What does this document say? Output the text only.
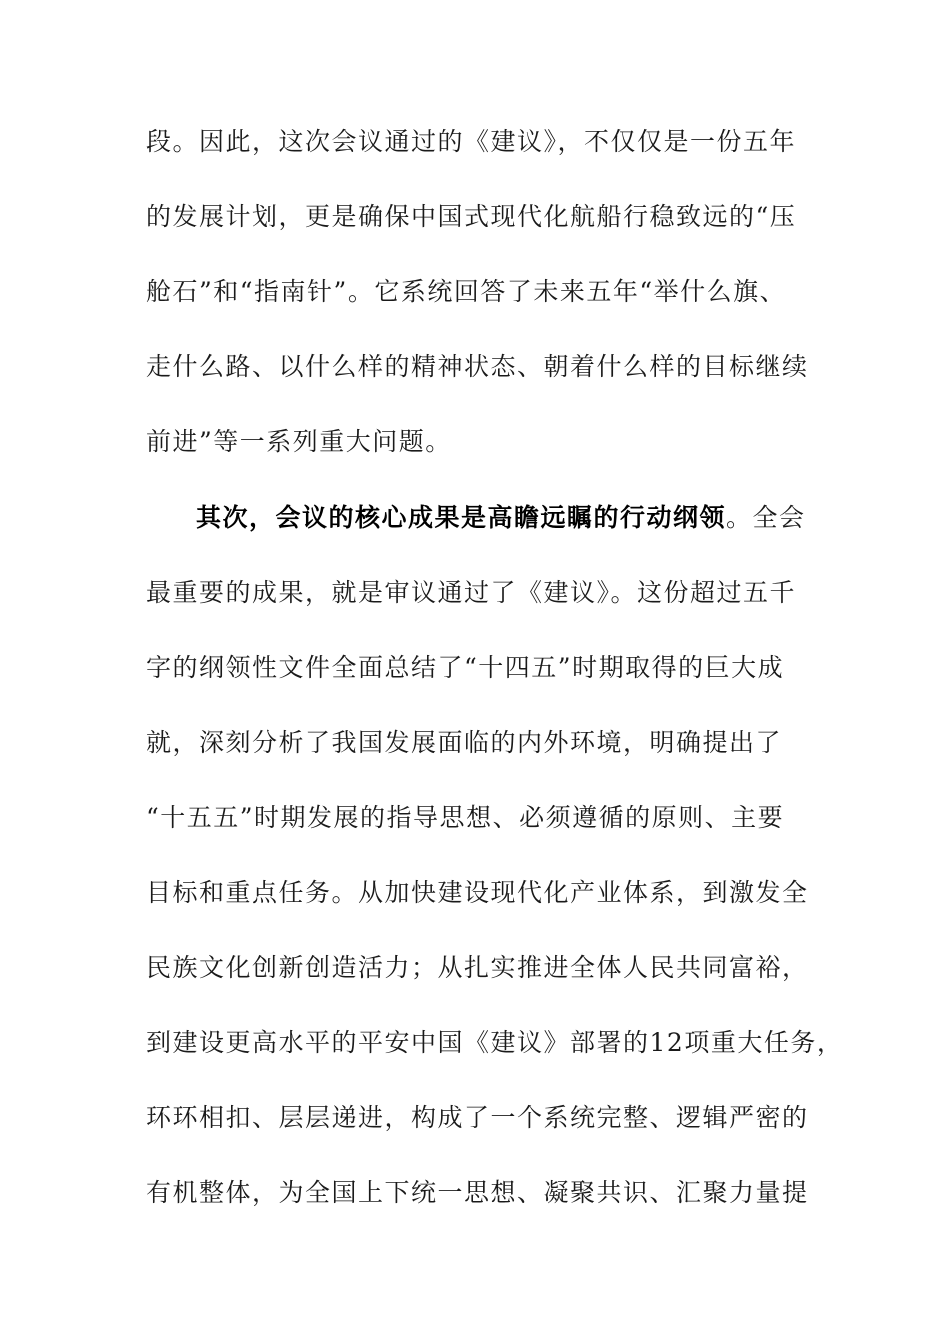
段。因此，这次会议通过的《建议》，不仅仅是一份五年
的发展计划，更是确保中国式现代化航船行稳致远的“压
舱石”和“指南针”。它系统回答了未来五年“举什么旗、
走什么路、以什么样的精神状态、朝着什么样的目标继续
前进”等一系列重大问题。
其次，会议的核心成果是高瞻远瞩的行动纲领。全会
最重要的成果，就是审议通过了《建议》。这份超过五千
字的纲领性文件全面总结了“十四五”时期取得的巨大成
就，深刻分析了我国发展面临的内外环境，明确提出了
“十五五”时期发展的指导思想、必须遵循的原则、主要
目标和重点任务。从加快建设现代化产业体系，到激发全
民族文化创新创造活力；从扎实推进全体人民共同富裕，
到建设更高水平的平安中国《建议》部署的12项重大任务，
环环相扣、层层递进，构成了一个系统完整、逻辑严密的
有机整体，为全国上下统一思想、凝聚共识、汇聚力量提
